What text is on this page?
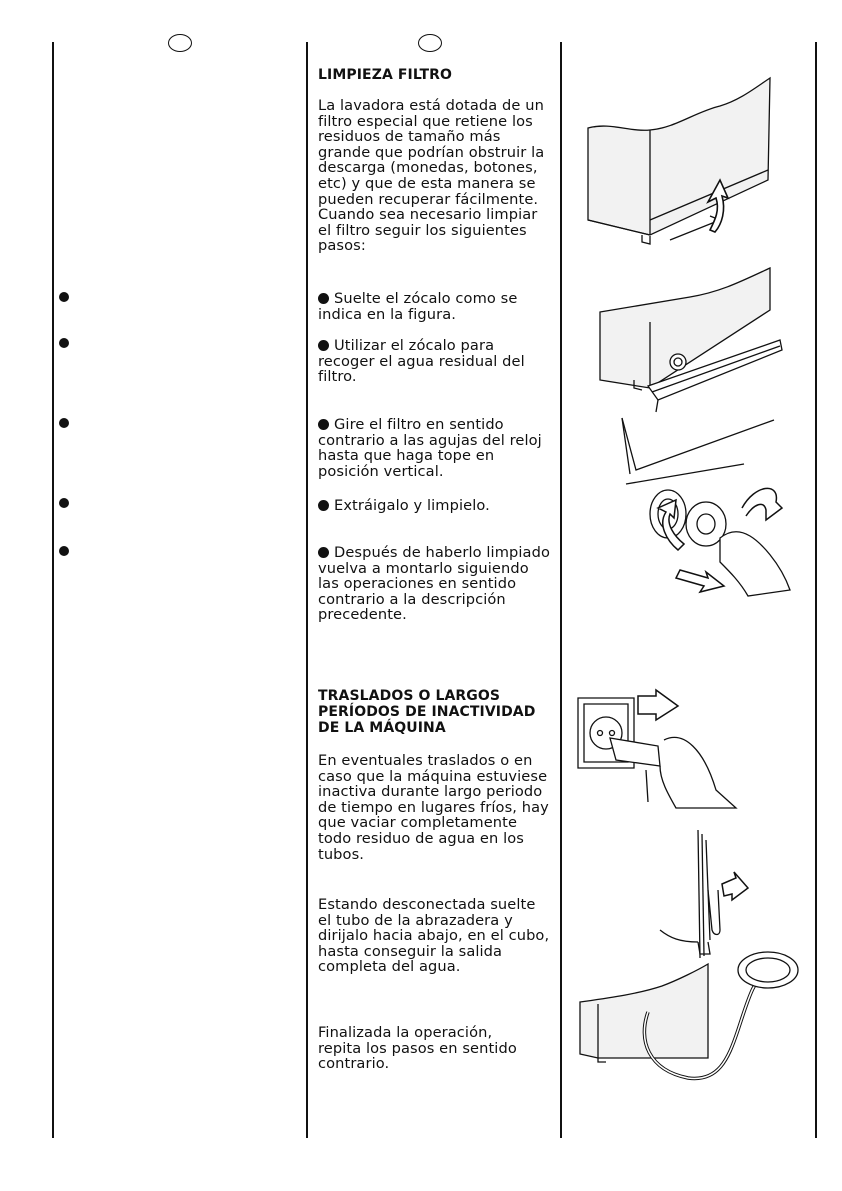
LIMPIEZA FILTRO

La lavadora está dotada de un filtro especial que retiene los residuos de tamaño más grande que podrían obstruir la descarga (monedas, botones, etc) y que de esta manera se pueden recuperar fácilmente. Cuando sea necesario limpiar el filtro seguir los siguientes pasos:

Suelte el zócalo como se indica en la figura.

Utilizar el zócalo para recoger el agua residual del filtro.

Gire el filtro en sentido contrario a las agujas del reloj hasta que haga tope en posición vertical.

Extráigalo y limpielo.

Después de haberlo limpiado vuelva a montarlo siguiendo las operaciones en sentido contrario a la descripción precedente.

TRASLADOS O LARGOS PERÍODOS DE INACTIVIDAD DE LA MÁQUINA

En eventuales traslados o en caso que la máquina estuviese inactiva durante largo periodo de tiempo en lugares fríos, hay que vaciar completamente todo residuo de agua en los tubos.

Estando desconectada suelte el tubo de la abrazadera y dirijalo hacia abajo, en el cubo, hasta conseguir la salida completa del agua.

Finalizada la operación, repita los pasos en sentido contrario.
